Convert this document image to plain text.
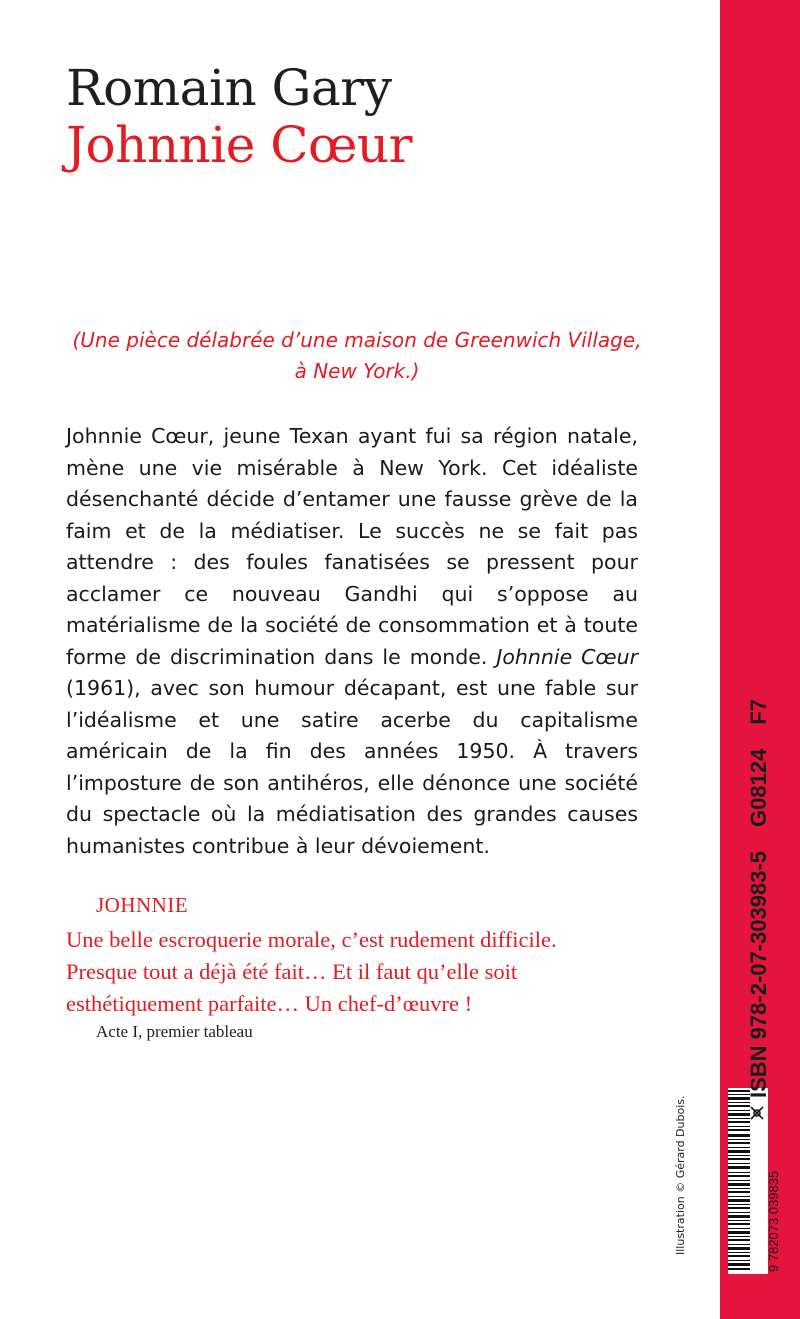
Romain Gary
Johnnie Cœur
(Une pièce délabrée d’une maison de Greenwich Village,
à New York.)
Johnnie Cœur, jeune Texan ayant fui sa région natale, mène une vie misérable à New York. Cet idéaliste désenchanté décide d’entamer une fausse grève de la faim et de la médiatiser. Le succès ne se fait pas attendre : des foules fanatisées se pressent pour acclamer ce nouveau Gandhi qui s’oppose au matérialisme de la société de consommation et à toute forme de discrimination dans le monde. Johnnie Cœur (1961), avec son humour décapant, est une fable sur l’idéalisme et une satire acerbe du capitalisme américain de la fin des années 1950. À travers l’imposture de son antihéros, elle dénonce une société du spectacle où la médiatisation des grandes causes humanistes contribue à leur dévoiement.
JOHNNIE
Une belle escroquerie morale, c’est rudement difficile.
Presque tout a déjà été fait… Et il faut qu’elle soit
esthétiquement parfaite… Un chef-d’œuvre !
Acte I, premier tableau
Illustration © Gérard Dubois.	9 782073 039835
ISBN 978-2-07-303983-5
G08124
F7
